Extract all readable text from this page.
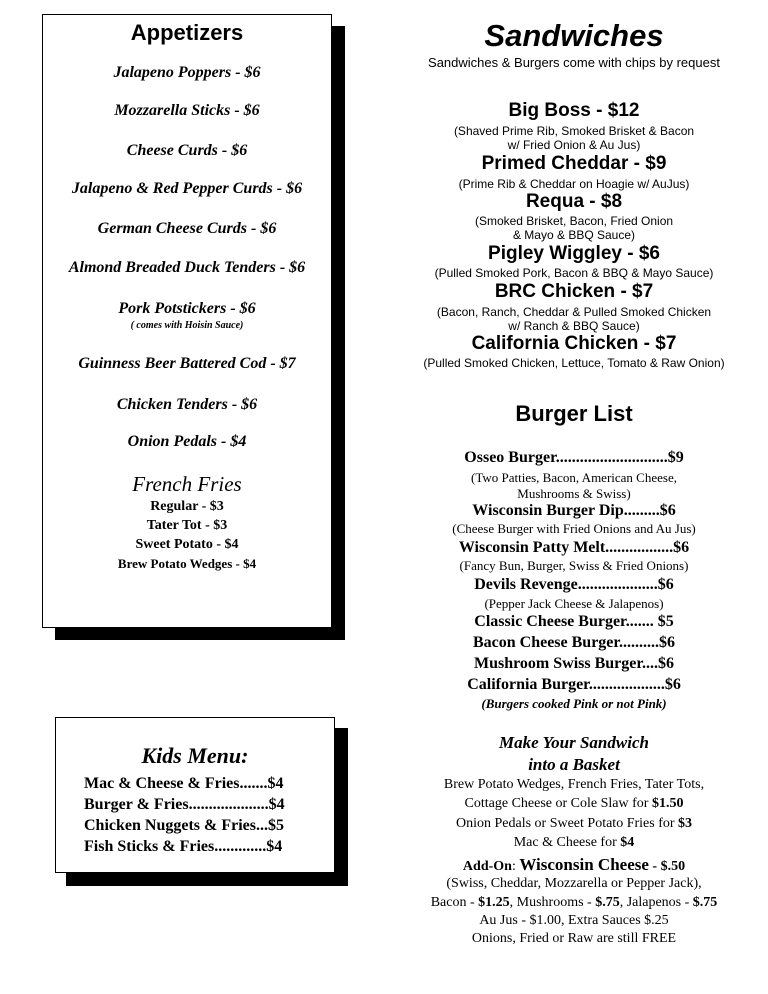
Appetizers
Jalapeno Poppers - $6
Mozzarella Sticks - $6
Cheese Curds - $6
Jalapeno & Red Pepper Curds - $6
German Cheese Curds - $6
Almond Breaded Duck Tenders - $6
Pork Potstickers - $6
( comes with Hoisin Sauce)
Guinness Beer Battered Cod - $7
Chicken Tenders - $6
Onion Pedals - $4
French Fries
Regular - $3
Tater Tot - $3
Sweet Potato - $4
Brew Potato Wedges - $4
Kids Menu:
Mac & Cheese & Fries.......$4
Burger & Fries....................$4
Chicken Nuggets & Fries...$5
Fish Sticks & Fries.............$4
Sandwiches
Sandwiches & Burgers come with chips by request
Big Boss - $12
(Shaved Prime Rib, Smoked Brisket & Bacon
w/ Fried Onion & Au Jus)
Primed Cheddar - $9
(Prime Rib & Cheddar on Hoagie w/ AuJus)
Requa - $8
(Smoked Brisket, Bacon, Fried Onion
& Mayo & BBQ Sauce)
Pigley Wiggley - $6
(Pulled Smoked Pork, Bacon & BBQ & Mayo Sauce)
BRC Chicken - $7
(Bacon, Ranch, Cheddar & Pulled Smoked Chicken
w/ Ranch & BBQ Sauce)
California Chicken - $7
(Pulled Smoked Chicken, Lettuce, Tomato & Raw Onion)
Burger List
Osseo Burger............................$9
(Two Patties, Bacon, American Cheese,
Mushrooms & Swiss)
Wisconsin Burger Dip.........$6
(Cheese Burger with Fried Onions and Au Jus)
Wisconsin Patty Melt.................$6
(Fancy Bun, Burger, Swiss & Fried Onions)
Devils Revenge....................$6
(Pepper Jack Cheese & Jalapenos)
Classic Cheese Burger....... $5
Bacon Cheese Burger..........$6
Mushroom Swiss Burger....$6
California Burger...................$6
(Burgers cooked Pink or not Pink)
Make Your Sandwich
into a Basket
Brew Potato Wedges, French Fries, Tater Tots,
Cottage Cheese or Cole Slaw for $1.50
Onion Pedals or Sweet Potato Fries for $3
Mac & Cheese for $4
Add-On: Wisconsin Cheese - $.50
(Swiss, Cheddar, Mozzarella or Pepper Jack),
Bacon - $1.25, Mushrooms - $.75, Jalapenos - $.75
Au Jus - $1.00, Extra Sauces $.25
Onions, Fried or Raw are still FREE
